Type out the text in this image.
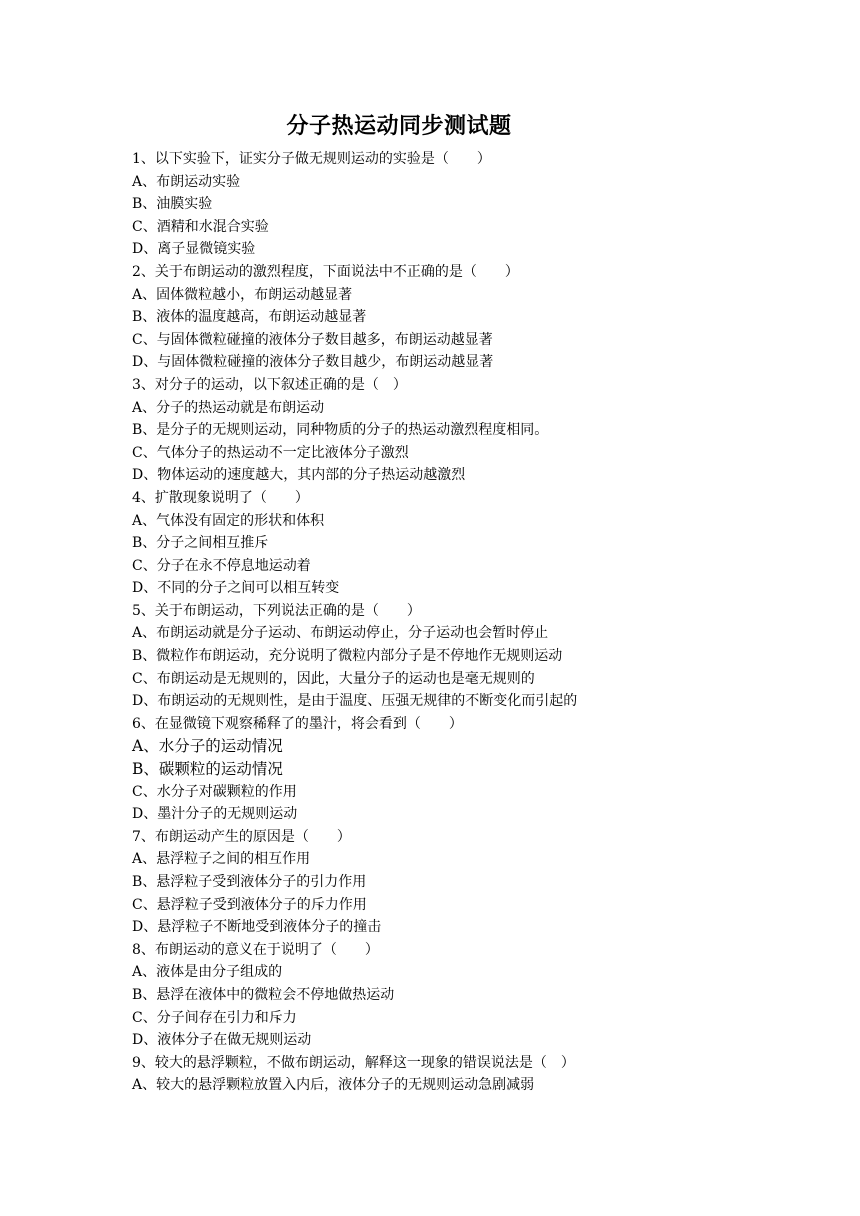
分子热运动同步测试题
1、以下实验下，证实分子做无规则运动的实验是（　　）
A、布朗运动实验
B、油膜实验
C、酒精和水混合实验
D、离子显微镜实验
2、关于布朗运动的激烈程度，下面说法中不正确的是（　　）
A、固体微粒越小，布朗运动越显著
B、液体的温度越高，布朗运动越显著
C、与固体微粒碰撞的液体分子数目越多，布朗运动越显著
D、与固体微粒碰撞的液体分子数目越少，布朗运动越显著
3、对分子的运动，以下叙述正确的是（　）
A、分子的热运动就是布朗运动
B、是分子的无规则运动，同种物质的分子的热运动激烈程度相同。
C、气体分子的热运动不一定比液体分子激烈
D、物体运动的速度越大，其内部的分子热运动越激烈
4、扩散现象说明了（　　）
A、气体没有固定的形状和体积
B、分子之间相互推斥
C、分子在永不停息地运动着
D、不同的分子之间可以相互转变
5、关于布朗运动，下列说法正确的是（　　）
A、布朗运动就是分子运动、布朗运动停止，分子运动也会暂时停止
B、微粒作布朗运动，充分说明了微粒内部分子是不停地作无规则运动
C、布朗运动是无规则的，因此，大量分子的运动也是毫无规则的
D、布朗运动的无规则性，是由于温度、压强无规律的不断变化而引起的
6、在显微镜下观察稀释了的墨汁，将会看到（　　）
A、水分子的运动情况
B、碳颗粒的运动情况
C、水分子对碳颗粒的作用
D、墨汁分子的无规则运动
7、布朗运动产生的原因是（　　）
A、悬浮粒子之间的相互作用
B、悬浮粒子受到液体分子的引力作用
C、悬浮粒子受到液体分子的斥力作用
D、悬浮粒子不断地受到液体分子的撞击
8、布朗运动的意义在于说明了（　　）
A、液体是由分子组成的
B、悬浮在液体中的微粒会不停地做热运动
C、分子间存在引力和斥力
D、液体分子在做无规则运动
9、较大的悬浮颗粒，不做布朗运动，解释这一现象的错误说法是（　）
A、较大的悬浮颗粒放置入内后，液体分子的无规则运动急剧减弱
